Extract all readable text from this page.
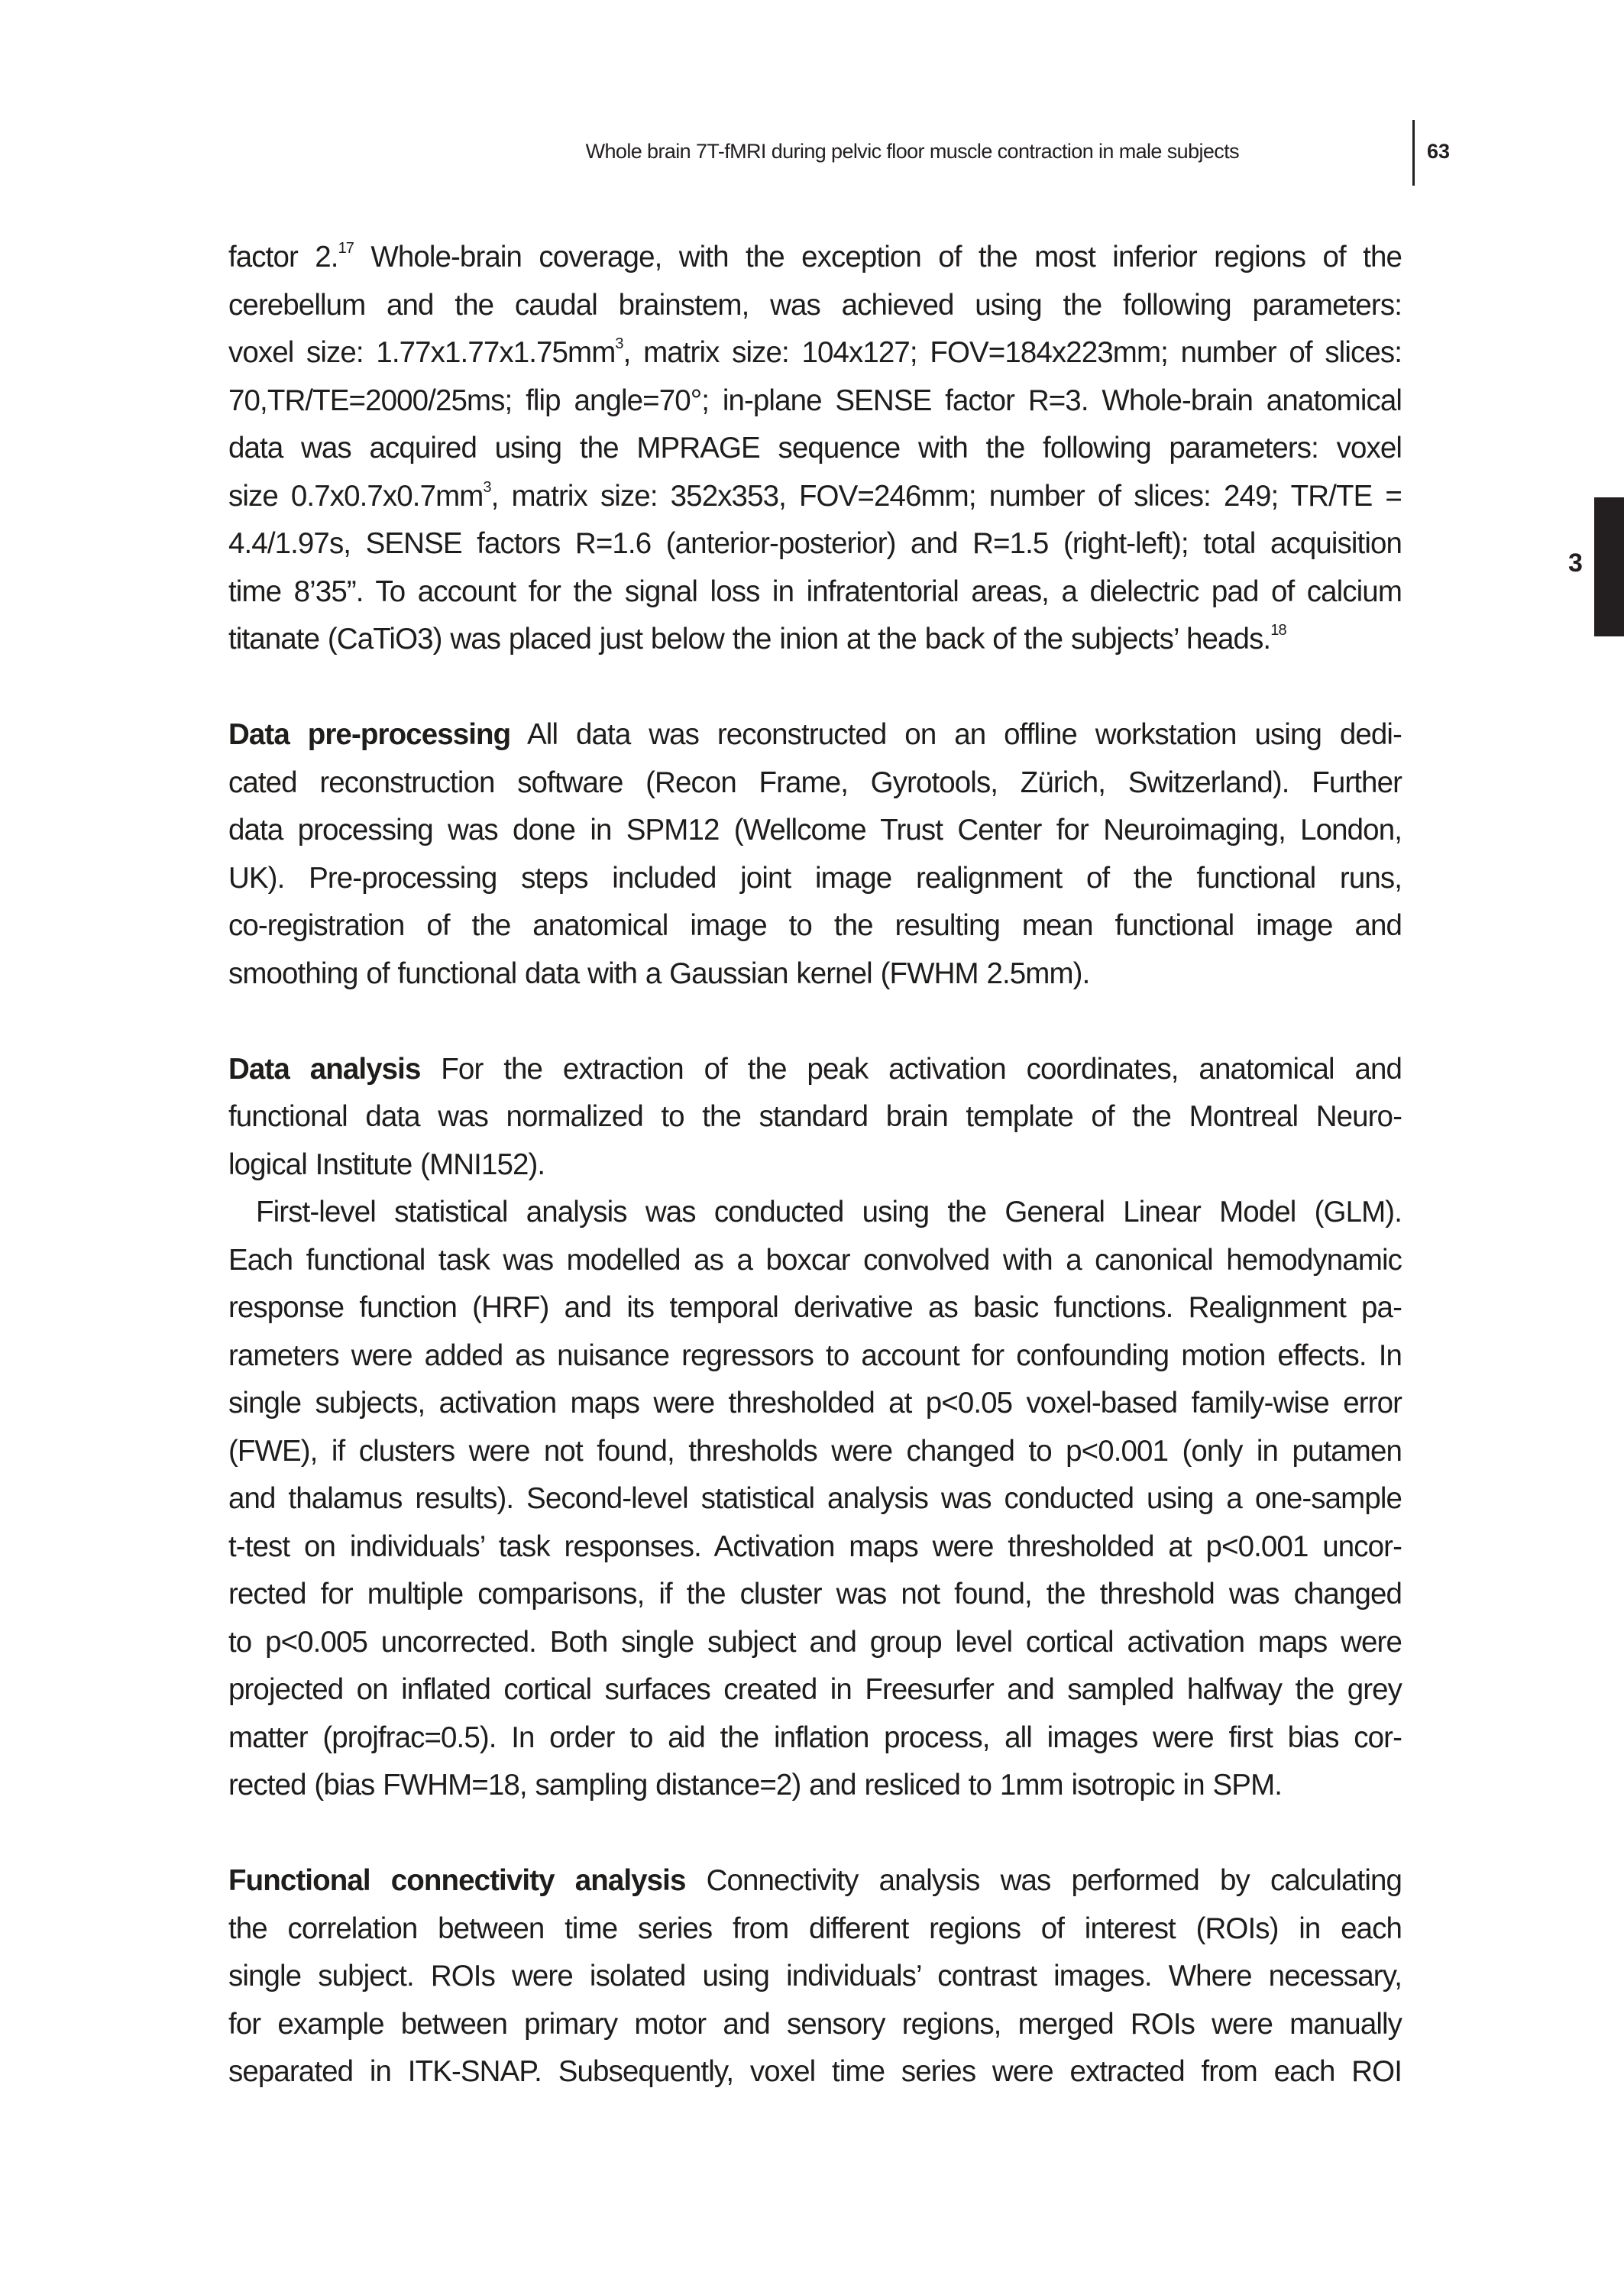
Whole brain 7T-fMRI during pelvic floor muscle contraction in male subjects	63
3
factor 2.17 Whole-brain coverage, with the exception of the most inferior regions of the
cerebellum and the caudal brainstem, was achieved using the following parameters:
voxel size: $1.77x1.77x1.75mm^3$, matrix size: 104x127; FOV=184x223mm; number of slices:
70,TR/TE=2000/25ms; flip angle=70°; in-plane SENSE factor R=3. Whole-brain anatomical
data was acquired using the MPRAGE sequence with the following parameters: voxel
size $0.7x0.7x0.7mm^3$, matrix size: 352x353, FOV=246mm; number of slices: 249; TR/TE =
4.4/1.97s, SENSE factors R=1.6 (anterior-posterior) and R=1.5 (right-left); total acquisition
time 8’35”. To account for the signal loss in infratentorial areas, a dielectric pad of calcium
titanate (CaTiO3) was placed just below the inion at the back of the subjects’ heads.$^{18}$
Data pre-processing All data was reconstructed on an offline workstation using dedi-
cated reconstruction software (Recon Frame, Gyrotools, Zürich, Switzerland). Further
data processing was done in SPM12 (Wellcome Trust Center for Neuroimaging, London,
UK). Pre-processing steps included joint image realignment of the functional runs,
co-registration of the anatomical image to the resulting mean functional image and
smoothing of functional data with a Gaussian kernel (FWHM 2.5mm).
Data analysis For the extraction of the peak activation coordinates, anatomical and
functional data was normalized to the standard brain template of the Montreal Neuro-
logical Institute (MNI152).
First-level statistical analysis was conducted using the General Linear Model (GLM).
Each functional task was modelled as a boxcar convolved with a canonical hemodynamic
response function (HRF) and its temporal derivative as basic functions. Realignment pa-
rameters were added as nuisance regressors to account for confounding motion effects. In
single subjects, activation maps were thresholded at p<0.05 voxel-based family-wise error
(FWE), if clusters were not found, thresholds were changed to p<0.001 (only in putamen
and thalamus results). Second-level statistical analysis was conducted using a one-sample
t-test on individuals’ task responses. Activation maps were thresholded at p<0.001 uncor-
rected for multiple comparisons, if the cluster was not found, the threshold was changed
to p<0.005 uncorrected. Both single subject and group level cortical activation maps were
projected on inflated cortical surfaces created in Freesurfer and sampled halfway the grey
matter (projfrac=0.5). In order to aid the inflation process, all images were first bias cor-
rected (bias FWHM=18, sampling distance=2) and resliced to 1mm isotropic in SPM.
Functional connectivity analysis Connectivity analysis was performed by calculating
the correlation between time series from different regions of interest (ROIs) in each
single subject. ROIs were isolated using individuals’ contrast images. Where necessary,
for example between primary motor and sensory regions, merged ROIs were manually
separated in ITK-SNAP. Subsequently, voxel time series were extracted from each ROI
